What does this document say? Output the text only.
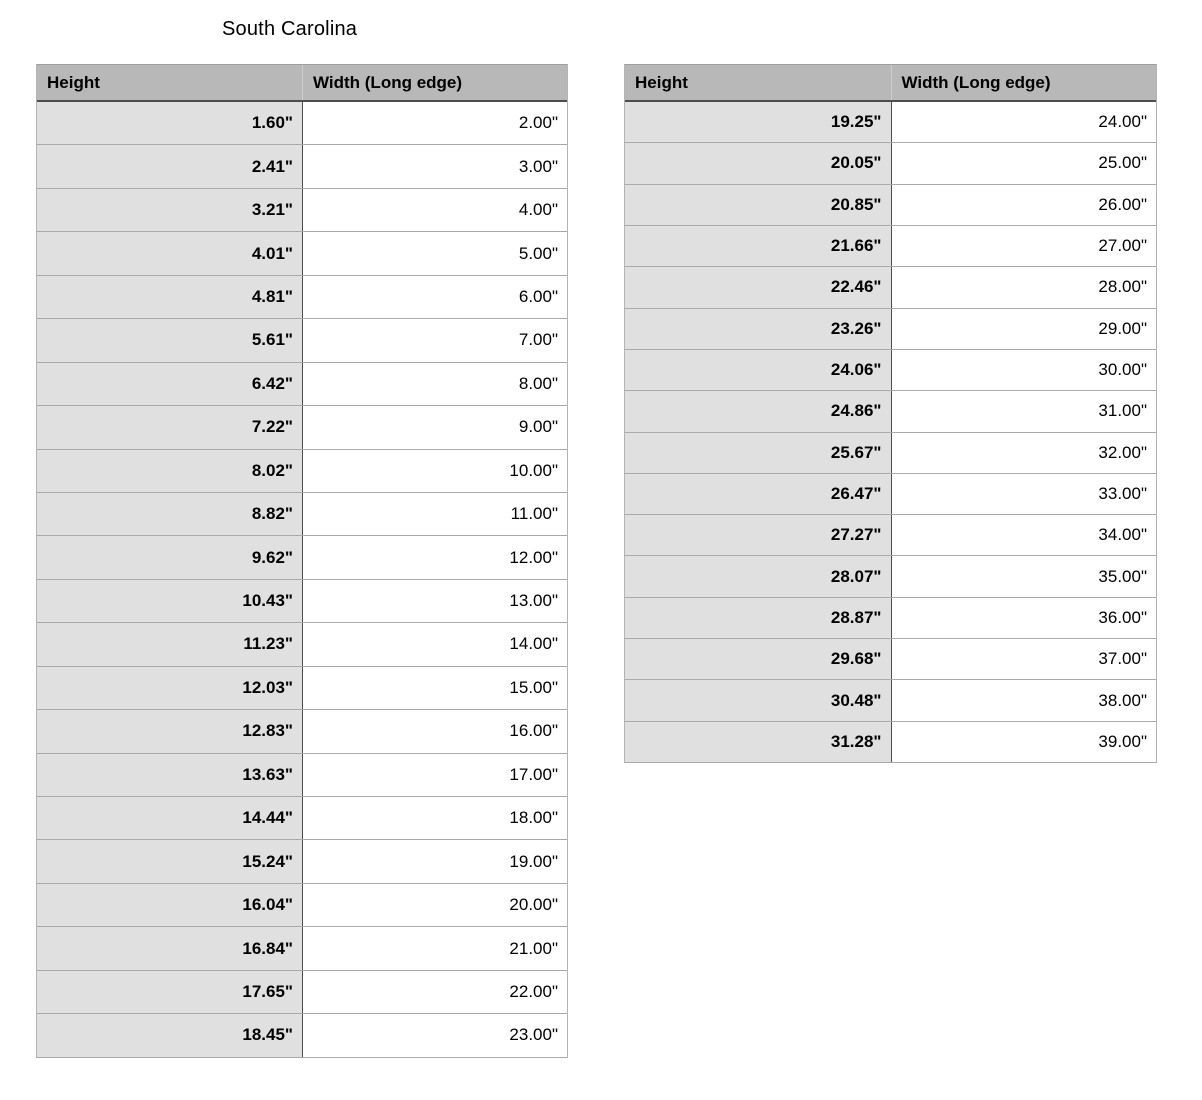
South Carolina
Height	Width (Long edge)
1.60"	2.00"
2.41"	3.00"
3.21"	4.00"
4.01"	5.00"
4.81"	6.00"
5.61"	7.00"
6.42"	8.00"
7.22"	9.00"
8.02"	10.00"
8.82"	11.00"
9.62"	12.00"
10.43"	13.00"
11.23"	14.00"
12.03"	15.00"
12.83"	16.00"
13.63"	17.00"
14.44"	18.00"
15.24"	19.00"
16.04"	20.00"
16.84"	21.00"
17.65"	22.00"
18.45"	23.00"
Height	Width (Long edge)
19.25"	24.00"
20.05"	25.00"
20.85"	26.00"
21.66"	27.00"
22.46"	28.00"
23.26"	29.00"
24.06"	30.00"
24.86"	31.00"
25.67"	32.00"
26.47"	33.00"
27.27"	34.00"
28.07"	35.00"
28.87"	36.00"
29.68"	37.00"
30.48"	38.00"
31.28"	39.00"
